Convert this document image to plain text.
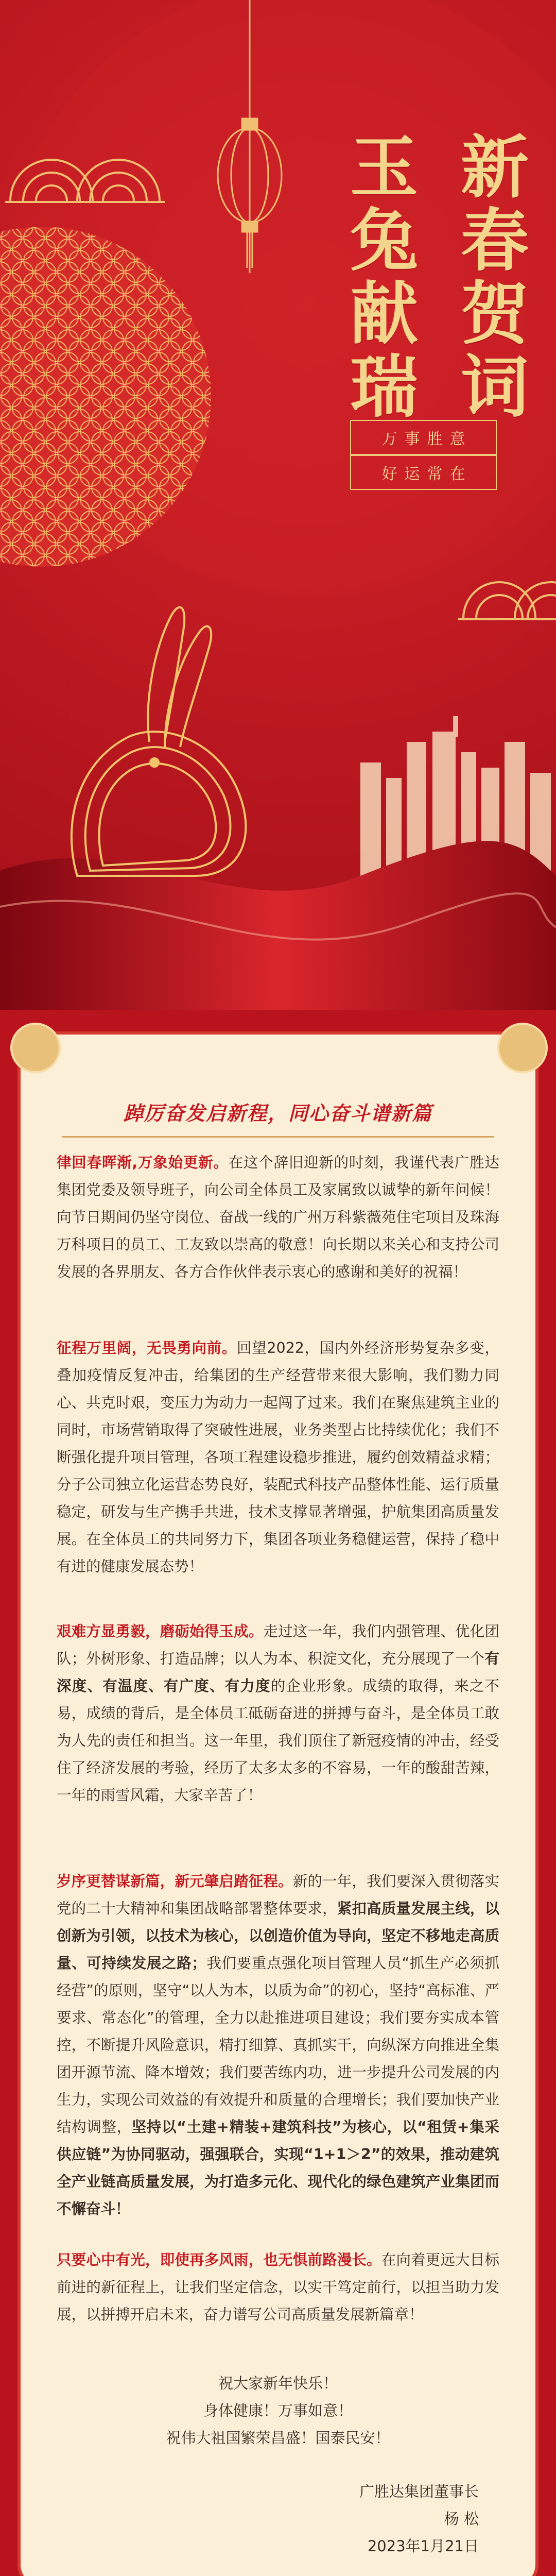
新春贺词
玉兔献瑞
万事胜意
好运常在
踔厉奋发启新程，同心奋斗谱新篇

律回春晖渐,万象始更新。在这个辞旧迎新的时刻，我谨代表广胜达集团党委及领导班子，向公司全体员工及家属致以诚挚的新年问候！向节日期间仍坚守岗位、奋战一线的广州万科紫薇苑住宅项目及珠海万科项目的员工、工友致以崇高的敬意！向长期以来关心和支持公司发展的各界朋友、各方合作伙伴表示衷心的感谢和美好的祝福！

征程万里阔，无畏勇向前。回望2022，国内外经济形势复杂多变，叠加疫情反复冲击，给集团的生产经营带来很大影响，我们勠力同心、共克时艰，变压力为动力一起闯了过来。我们在聚焦建筑主业的同时，市场营销取得了突破性进展，业务类型占比持续优化；我们不断强化提升项目管理，各项工程建设稳步推进，履约创效精益求精；分子公司独立化运营态势良好，装配式科技产品整体性能、运行质量稳定，研发与生产携手共进，技术支撑显著增强，护航集团高质量发展。在全体员工的共同努力下，集团各项业务稳健运营，保持了稳中有进的健康发展态势！

艰难方显勇毅，磨砺始得玉成。走过这一年，我们内强管理、优化团队；外树形象、打造品牌；以人为本、积淀文化，充分展现了一个有深度、有温度、有广度、有力度的企业形象。成绩的取得，来之不易，成绩的背后，是全体员工砥砺奋进的拼搏与奋斗，是全体员工敢为人先的责任和担当。这一年里，我们顶住了新冠疫情的冲击，经受住了经济发展的考验，经历了太多太多的不容易，一年的酸甜苦辣，一年的雨雪风霜，大家辛苦了！

岁序更替谋新篇，新元肇启踏征程。新的一年，我们要深入贯彻落实党的二十大精神和集团战略部署整体要求，紧扣高质量发展主线，以创新为引领，以技术为核心，以创造价值为导向，坚定不移地走高质量、可持续发展之路；我们要重点强化项目管理人员“抓生产必须抓经营”的原则，坚守“以人为本，以质为命”的初心，坚持“高标准、严要求、常态化”的管理，全力以赴推进项目建设；我们要夯实成本管控，不断提升风险意识，精打细算、真抓实干，向纵深方向推进全集团开源节流、降本增效；我们要苦练内功，进一步提升公司发展的内生力，实现公司效益的有效提升和质量的合理增长；我们要加快产业结构调整，坚持以“土建+精装+建筑科技”为核心，以“租赁+集采供应链”为协同驱动，强强联合，实现“1+1＞2”的效果，推动建筑全产业链高质量发展，为打造多元化、现代化的绿色建筑产业集团而不懈奋斗！

只要心中有光，即使再多风雨，也无惧前路漫长。在向着更远大目标前进的新征程上，让我们坚定信念，以实干笃定前行，以担当助力发展，以拼搏开启未来，奋力谱写公司高质量发展新篇章！

祝大家新年快乐！
身体健康！万事如意！
祝伟大祖国繁荣昌盛！国泰民安！
广胜达集团董事长
杨 松
2023年1月21日
